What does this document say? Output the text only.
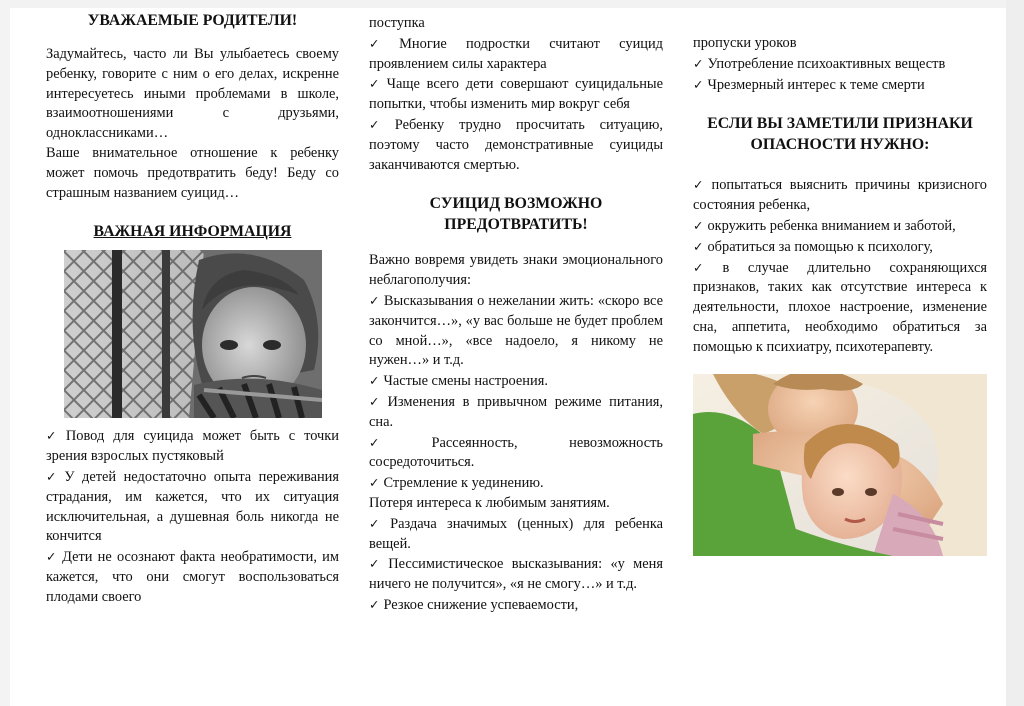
УВАЖАЕМЫЕ РОДИТЕЛИ!

Задумайтесь, часто ли Вы улыбаетесь своему ребенку, говорите с ним о его делах, искренне интересуетесь иными проблемами в школе, взаимоотношениями с друзьями, одноклассниками…

Ваше внимательное отношение к ребенку может помочь предотвратить беду! Беду со страшным названием суицид…

ВАЖНАЯ ИНФОРМАЦИЯ

✓ Повод для суицида может быть с точки зрения взрослых пустяковый

✓ У детей недостаточно опыта переживания страдания, им кажется, что их ситуация исключительная, а душевная боль никогда не кончится

✓ Дети не осознают факта необратимости, им кажется, что они смогут воспользоваться плодами своего

поступка

✓ Многие подростки считают суицид проявлением силы характера

✓ Чаще всего дети совершают суицидальные попытки, чтобы изменить мир вокруг себя

✓ Ребенку трудно просчитать ситуацию, поэтому часто демонстративные суициды заканчиваются смертью.

СУИЦИД ВОЗМОЖНО ПРЕДОТВРАТИТЬ!

Важно вовремя увидеть знаки эмоционального неблагополучия:

✓ Высказывания о нежелании жить: «скоро все закончится…», «у вас больше не будет проблем со мной…», «все надоело, я никому не нужен…» и т.д.

✓ Частые смены настроения.

✓ Изменения в привычном режиме питания, сна.

✓ Рассеянность, невозможность сосредоточиться.

✓ Стремление к уединению.

Потеря интереса к любимым занятиям.

✓ Раздача значимых (ценных) для ребенка вещей.

✓ Пессимистическое высказывания: «у меня ничего не получится», «я не смогу…» и т.д.

✓ Резкое снижение успеваемости,

пропуски уроков

✓ Употребление психоактивных веществ

✓ Чрезмерный интерес к теме смерти

ЕСЛИ ВЫ ЗАМЕТИЛИ ПРИЗНАКИ ОПАСНОСТИ НУЖНО:

✓ попытаться выяснить причины кризисного состояния ребенка,

✓ окружить ребенка вниманием и заботой,

✓ обратиться за помощью к психологу,

✓ в случае длительно сохраняющихся признаков, таких как отсутствие интереса к деятельности, плохое настроение, изменение сна, аппетита, необходимо обратиться за помощью к психиатру, психотерапевту.
